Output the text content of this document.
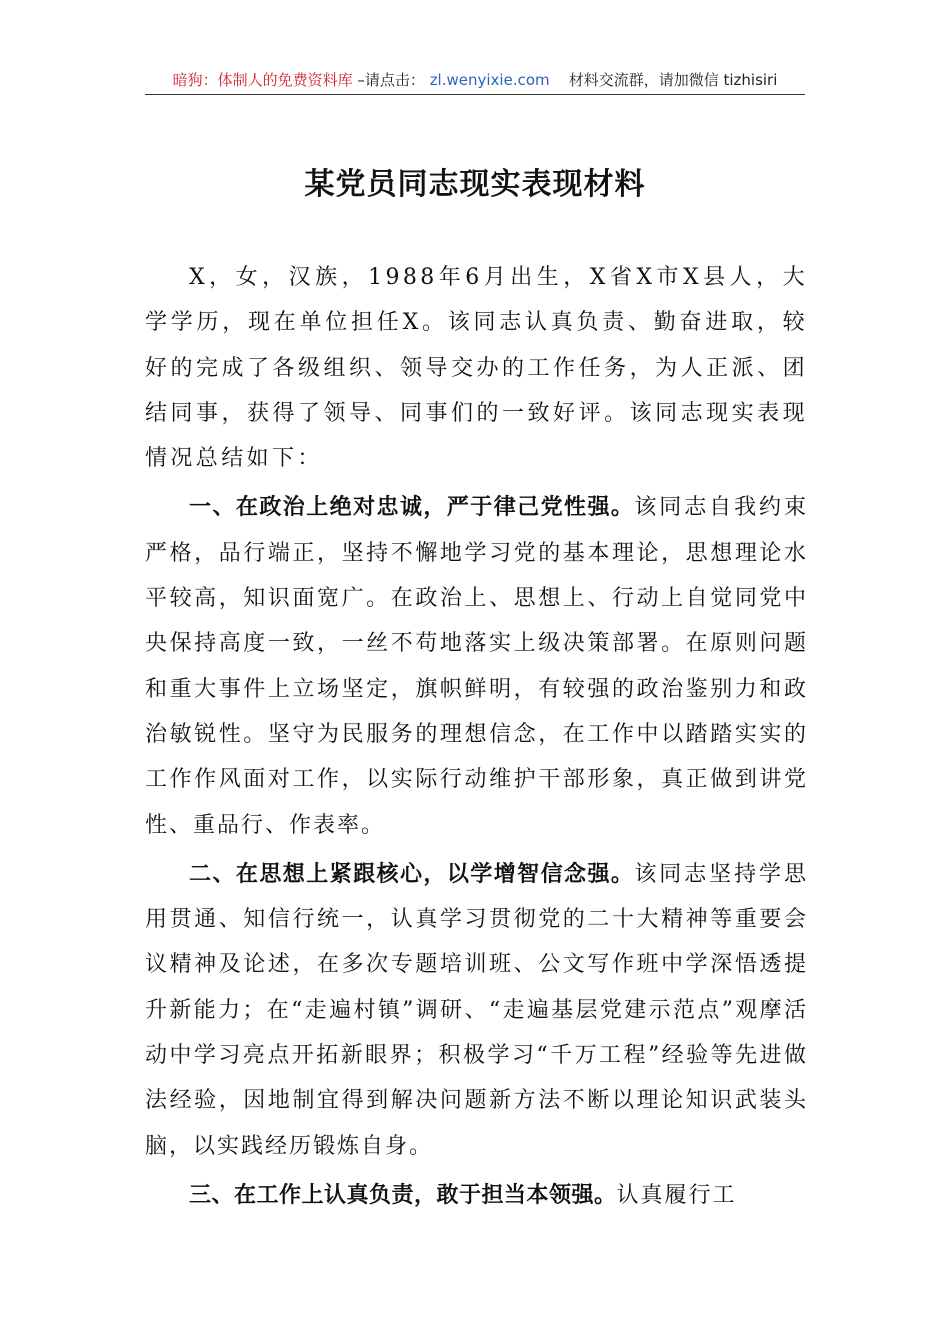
暗狗：体制人的免费资料库 –请点击： zl.wenyixie.com 材料交流群，请加微信 tizhisiri
某党员同志现实表现材料

X，女，汉族，1988年6月出生，X省X市X县人，大学学历，现在单位担任X。该同志认真负责、勤奋进取，较好的完成了各级组织、领导交办的工作任务，为人正派、团结同事，获得了领导、同事们的一致好评。该同志现实表现情况总结如下：

一、在政治上绝对忠诚，严于律己党性强。该同志自我约束严格，品行端正，坚持不懈地学习党的基本理论，思想理论水平较高，知识面宽广。在政治上、思想上、行动上自觉同党中央保持高度一致，一丝不苟地落实上级决策部署。在原则问题和重大事件上立场坚定，旗帜鲜明，有较强的政治鉴别力和政治敏锐性。坚守为民服务的理想信念，在工作中以踏踏实实的工作作风面对工作，以实际行动维护干部形象，真正做到讲党性、重品行、作表率。

二、在思想上紧跟核心，以学增智信念强。该同志坚持学思用贯通、知信行统一，认真学习贯彻党的二十大精神等重要会议精神及论述，在多次专题培训班、公文写作班中学深悟透提升新能力；在“走遍村镇”调研、“走遍基层党建示范点”观摩活动中学习亮点开拓新眼界；积极学习“千万工程”经验等先进做法经验，因地制宜得到解决问题新方法不断以理论知识武装头脑，以实践经历锻炼自身。

三、在工作上认真负责，敢于担当本领强。认真履行工
